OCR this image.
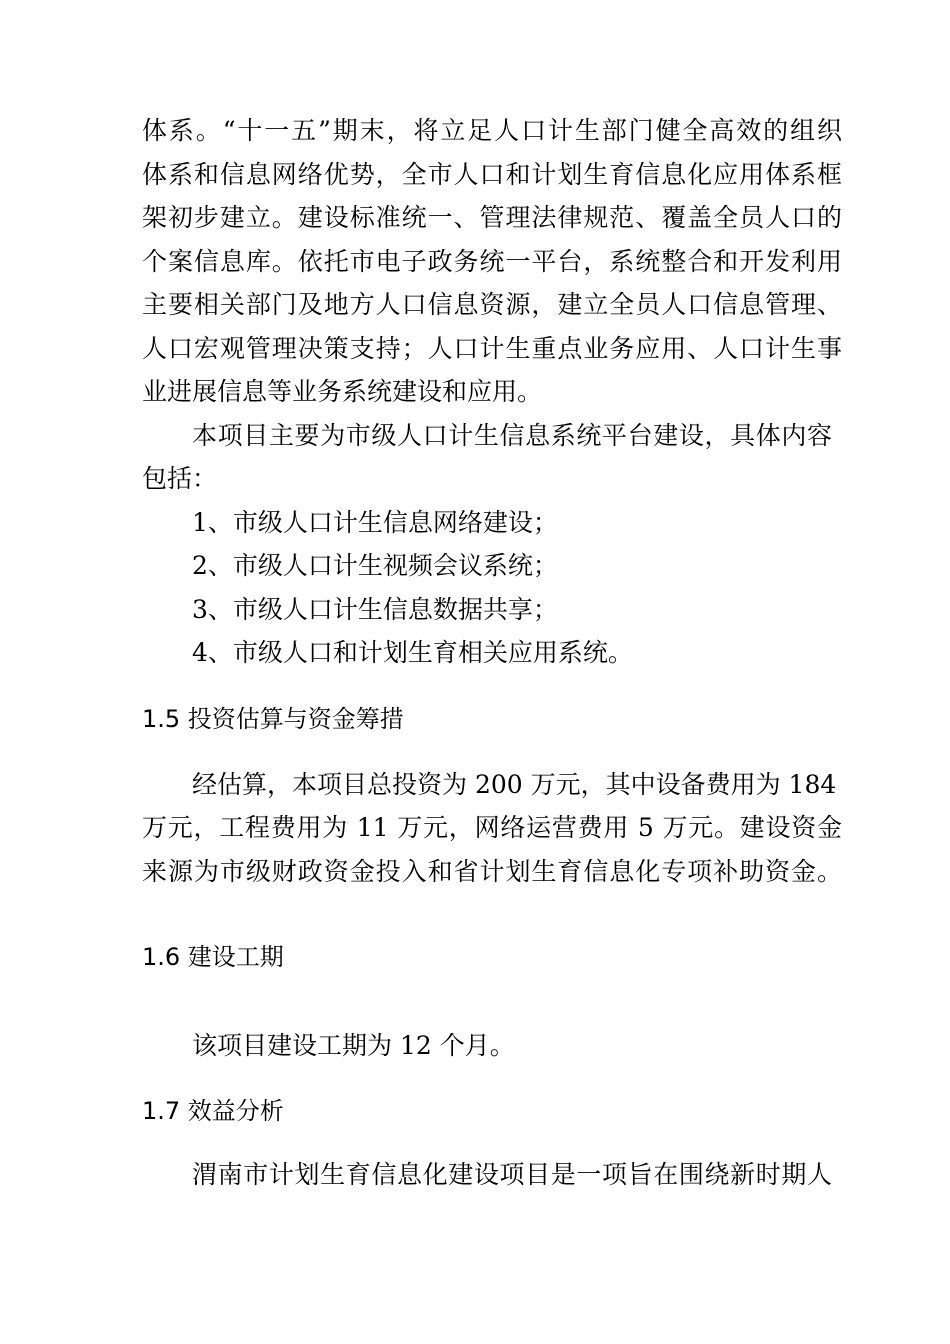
体系。“十一五”期末，将立足人口计生部门健全高效的组织
体系和信息网络优势，全市人口和计划生育信息化应用体系框
架初步建立。建设标准统一、管理法律规范、覆盖全员人口的
个案信息库。依托市电子政务统一平台，系统整合和开发利用
主要相关部门及地方人口信息资源，建立全员人口信息管理、
人口宏观管理决策支持；人口计生重点业务应用、人口计生事
业进展信息等业务系统建设和应用。
本项目主要为市级人口计生信息系统平台建设，具体内容
包括：
1、市级人口计生信息网络建设；
2、市级人口计生视频会议系统；
3、市级人口计生信息数据共享；
4、市级人口和计划生育相关应用系统。
1.5 投资估算与资金筹措
经估算，本项目总投资为 200 万元，其中设备费用为 184
万元，工程费用为 11 万元，网络运营费用 5 万元。建设资金
来源为市级财政资金投入和省计划生育信息化专项补助资金。
1.6 建设工期
该项目建设工期为 12 个月。
1.7 效益分析
渭南市计划生育信息化建设项目是一项旨在围绕新时期人
